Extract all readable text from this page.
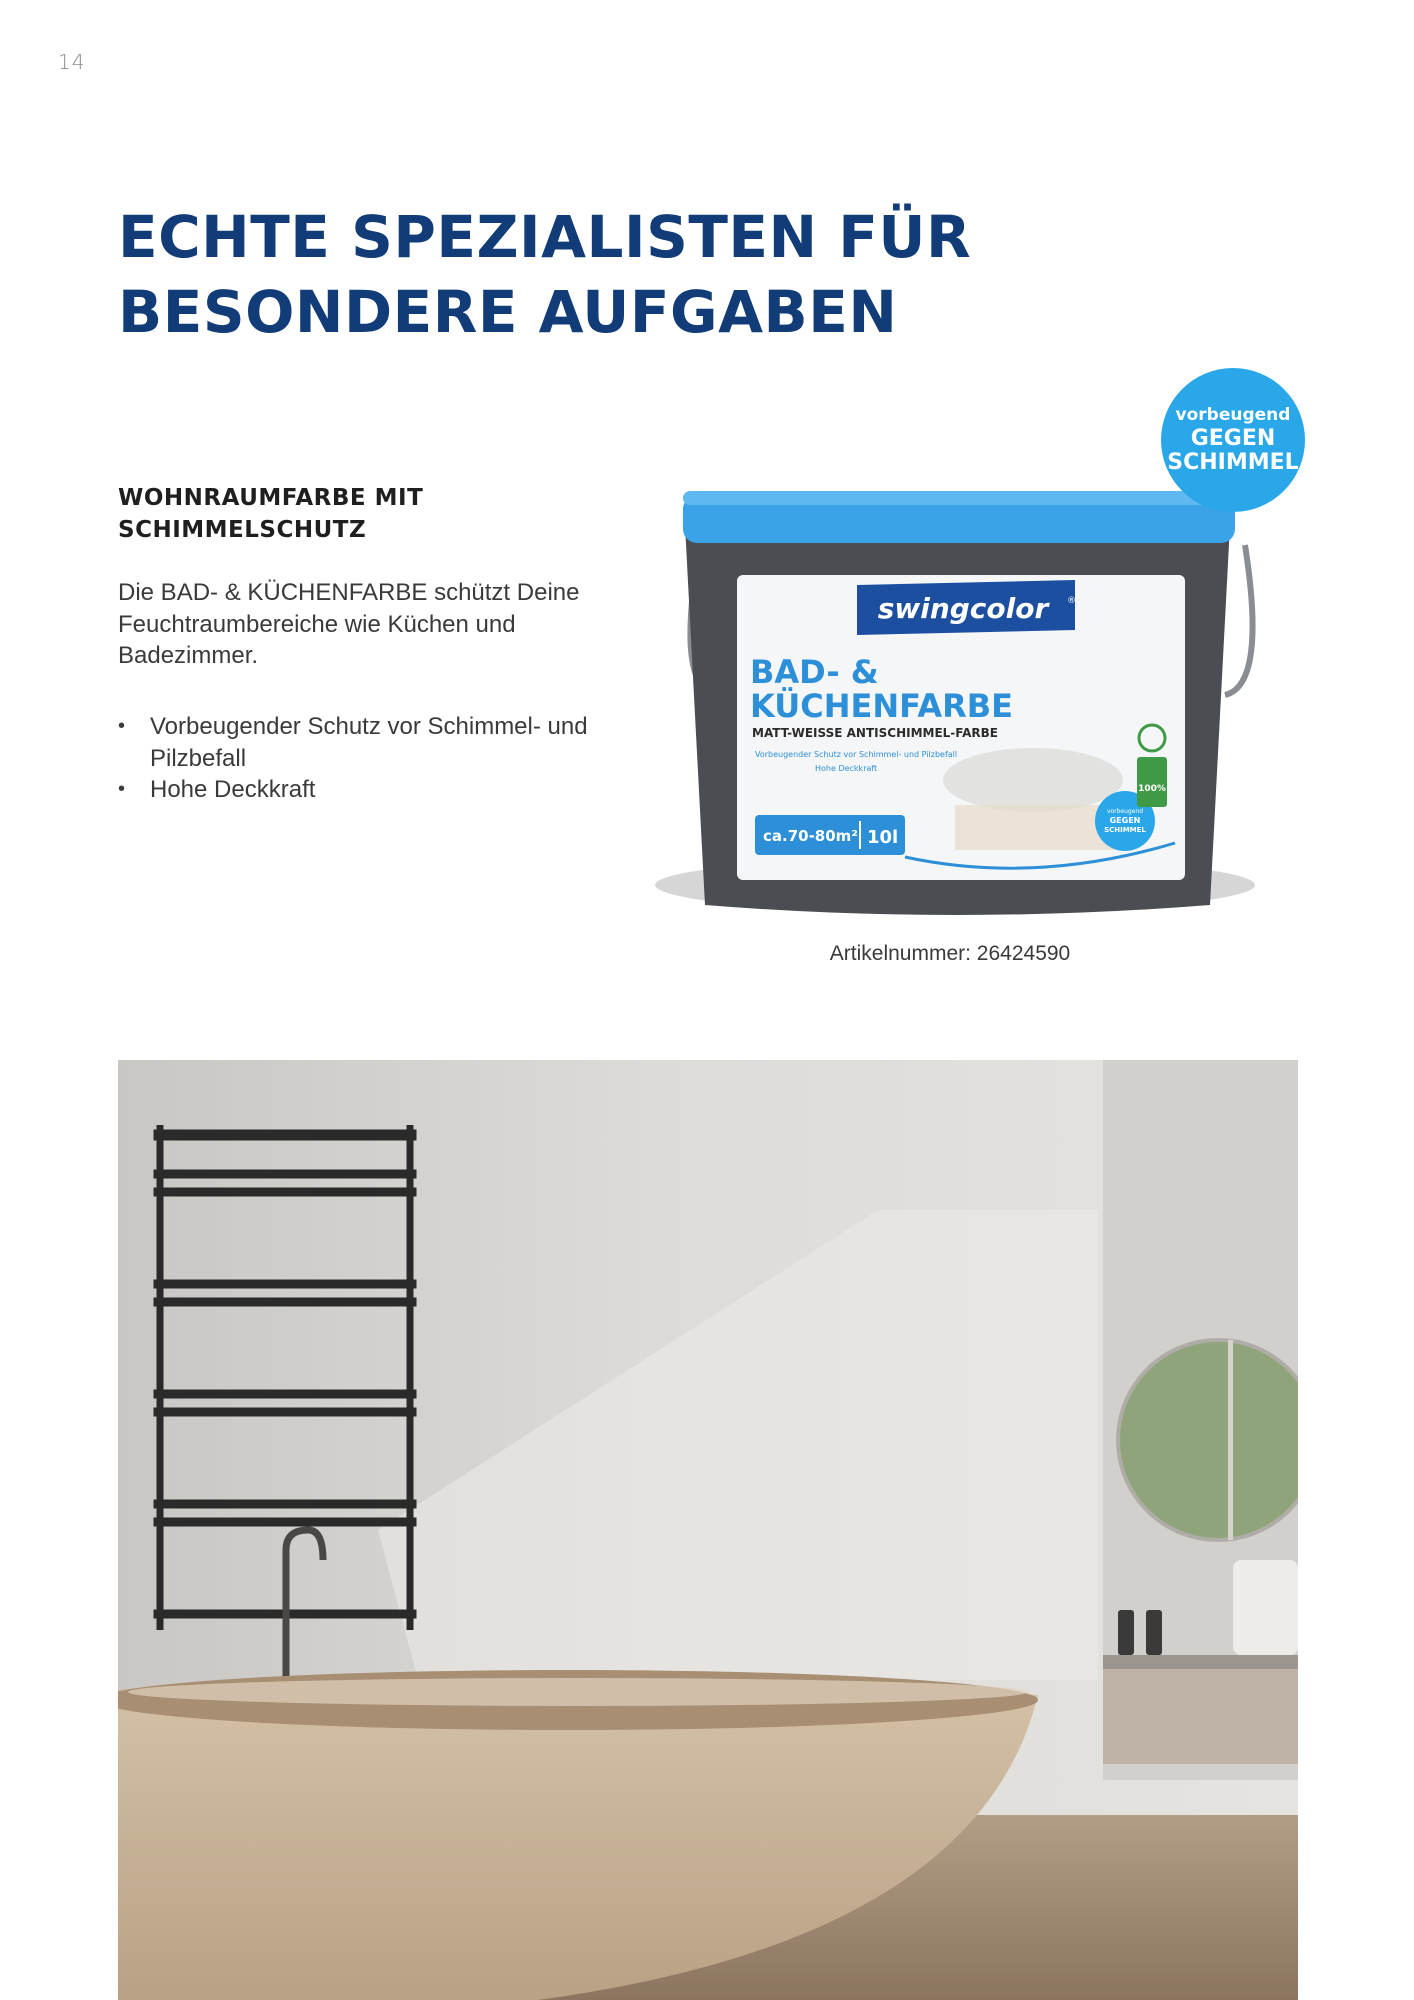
14
ECHTE SPEZIALISTEN FÜR
BESONDERE AUFGABEN
WOHNRAUMFARBE MIT
SCHIMMELSCHUTZ

Die BAD- & KÜCHENFARBE schützt Deine Feuchtraumbereiche wie Küchen und Badezimmer.

• Vorbeugender Schutz vor Schimmel- und Pilzbefall
• Hohe Deckkraft
swingcolor ®
BAD- &
KÜCHENFARBE
MATT-WEISSE ANTISCHIMMEL-FARBE
Vorbeugender Schutz vor Schimmel- und Pilzbefall
Hohe Deckkraft
ca.70-80m² 10l
vorbeugend
GEGEN
SCHIMMEL
100%
vorbeugend
GEGEN
SCHIMMEL
Artikelnummer: 26424590
